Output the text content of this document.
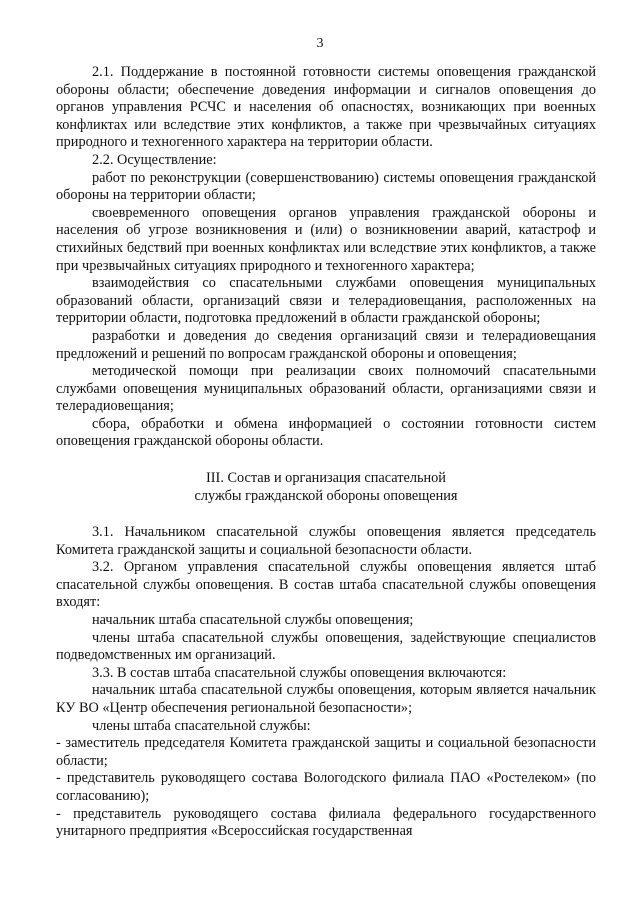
3

2.1. Поддержание в постоянной готовности системы оповещения гражданской обороны области; обеспечение доведения информации и сигналов оповещения до органов управления РСЧС и населения об опасностях, возникающих при военных конфликтах или вследствие этих конфликтов, а также при чрезвычайных ситуациях природного и техногенного характера на территории области.

2.2. Осуществление:

работ по реконструкции (совершенствованию) системы оповещения гражданской обороны на территории области;

своевременного оповещения органов управления гражданской обороны и населения об угрозе возникновения и (или) о возникновении аварий, катастроф и стихийных бедствий при военных конфликтах или вследствие этих конфликтов, а также при чрезвычайных ситуациях природного и техногенного характера;

взаимодействия со спасательными службами оповещения муниципальных образований области, организаций связи и телерадиовещания, расположенных на территории области, подготовка предложений в области гражданской обороны;

разработки и доведения до сведения организаций связи и телерадиовещания предложений и решений по вопросам гражданской обороны и оповещения;

методической помощи при реализации своих полномочий спасательными службами оповещения муниципальных образований области, организациями связи и телерадиовещания;

сбора, обработки и обмена информацией о состоянии готовности систем оповещения гражданской обороны области.

III. Состав и организация спасательной

службы гражданской обороны оповещения

3.1. Начальником спасательной службы оповещения является председатель Комитета гражданской защиты и социальной безопасности области.

3.2. Органом управления спасательной службы оповещения является штаб спасательной службы оповещения. В состав штаба спасательной службы оповещения входят:

начальник штаба спасательной службы оповещения;

члены штаба спасательной службы оповещения, задействующие специалистов подведомственных им организаций.

3.3. В состав штаба спасательной службы оповещения включаются:

начальник штаба спасательной службы оповещения, которым является начальник КУ ВО «Центр обеспечения региональной безопасности»;

члены штаба спасательной службы:

- заместитель председателя Комитета гражданской защиты и социальной безопасности области;

- представитель руководящего состава Вологодского филиала ПАО «Ростелеком» (по согласованию);

- представитель руководящего состава филиала федерального государственного унитарного предприятия «Всероссийская государственная
